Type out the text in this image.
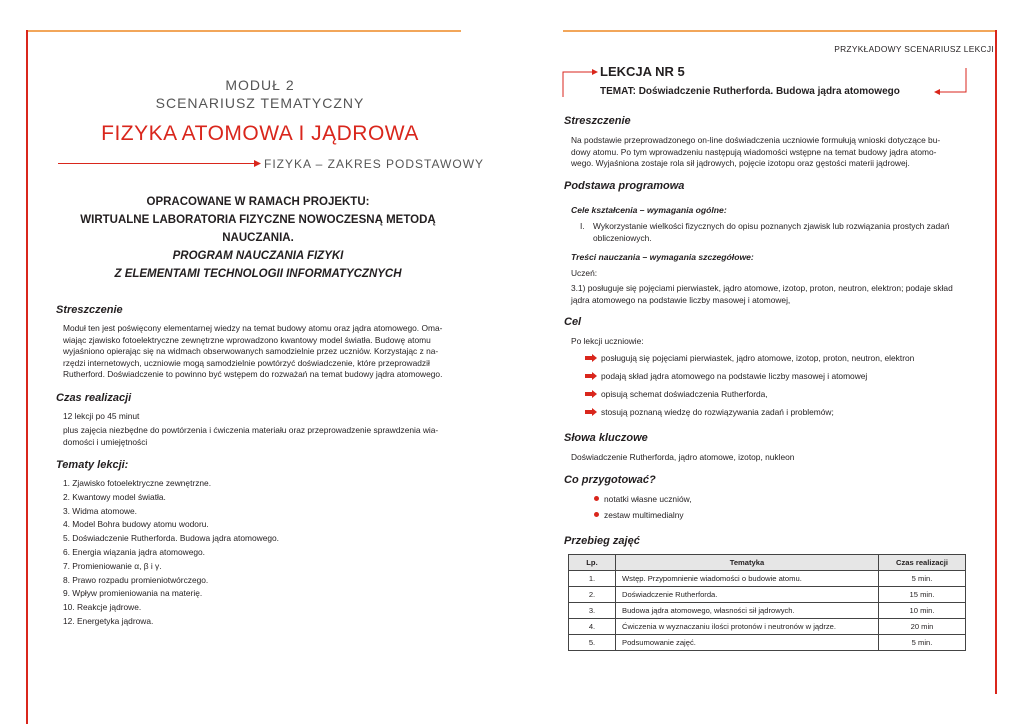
MODUŁ 2
SCENARIUSZ TEMATYCZNY
FIZYKA ATOMOWA I JĄDROWA
FIZYKA – ZAKRES PODSTAWOWY
OPRACOWANE W RAMACH PROJEKTU:
WIRTUALNE LABORATORIA FIZYCZNE NOWOCZESNĄ METODĄ NAUCZANIA.
PROGRAM NAUCZANIA FIZYKI
Z ELEMENTAMI TECHNOLOGII INFORMATYCZNYCH
Streszczenie
Moduł ten jest poświęcony elementarnej wiedzy na temat budowy atomu oraz jądra atomowego. Oma-
wiając zjawisko fotoelektryczne zewnętrzne wprowadzono kwantowy model światła. Budowę atomu
wyjaśniono opierając się na widmach obserwowanych samodzielnie przez uczniów. Korzystając z na-
rzędzi internetowych, uczniowie mogą samodzielnie powtórzyć doświadczenie, które przeprowadził
Rutherford. Doświadczenie to powinno być wstępem do rozważań na temat budowy jądra atomowego.
Czas realizacji
12 lekcji po 45 minut
plus zajęcia niezbędne do powtórzenia i ćwiczenia materiału oraz przeprowadzenie sprawdzenia wia-
domości i umiejętności
Tematy lekcji:
1. Zjawisko fotoelektryczne zewnętrzne.
2. Kwantowy model światła.
3. Widma atomowe.
4. Model Bohra budowy atomu wodoru.
5. Doświadczenie Rutherforda. Budowa jądra atomowego.
6. Energia wiązania jądra atomowego.
7. Promieniowanie α, β i γ.
8. Prawo rozpadu promieniotwórczego.
9. Wpływ promieniowania na materię.
10. Reakcje jądrowe.
12. Energetyka jądrowa.
PRZYKŁADOWY SCENARIUSZ LEKCJI
LEKCJA NR 5
TEMAT: Doświadczenie Rutherforda. Budowa jądra atomowego
Streszczenie
Na podstawie przeprowadzonego on-line doświadczenia uczniowie formułują wnioski dotyczące bu-
dowy atomu. Po tym wprowadzeniu następują wiadomości wstępne na temat budowy jądra atomo-
wego. Wyjaśniona zostaje rola sił jądrowych, pojęcie izotopu oraz gęstości materii jądrowej.
Podstawa programowa
Cele kształcenia – wymagania ogólne:
I. Wykorzystanie wielkości fizycznych do opisu poznanych zjawisk lub rozwiązania prostych zadań
obliczeniowych.
Treści nauczania – wymagania szczegółowe:
Uczeń:
3.1) posługuje się pojęciami pierwiastek, jądro atomowe, izotop, proton, neutron, elektron; podaje skład
jądra atomowego na podstawie liczby masowej i atomowej,
Cel
Po lekcji uczniowie:
posługują się pojęciami pierwiastek, jądro atomowe, izotop, proton, neutron, elektron
podają skład jądra atomowego na podstawie liczby masowej i atomowej
opisują schemat doświadczenia Rutherforda,
stosują poznaną wiedzę do rozwiązywania zadań i problemów;
Słowa kluczowe
Doświadczenie Rutherforda, jądro atomowe, izotop, nukleon
Co przygotować?
notatki własne uczniów,
zestaw multimedialny
Przebieg zajęć
Lp.	Tematyka	Czas realizacji
1.	Wstęp. Przypomnienie wiadomości o budowie atomu.	5 min.
2.	Doświadczenie Rutherforda.	15 min.
3.	Budowa jądra atomowego, własności sił jądrowych.	10 min.
4.	Ćwiczenia w wyznaczaniu ilości protonów i neutronów w jądrze.	20 min
5.	Podsumowanie zajęć.	5 min.
